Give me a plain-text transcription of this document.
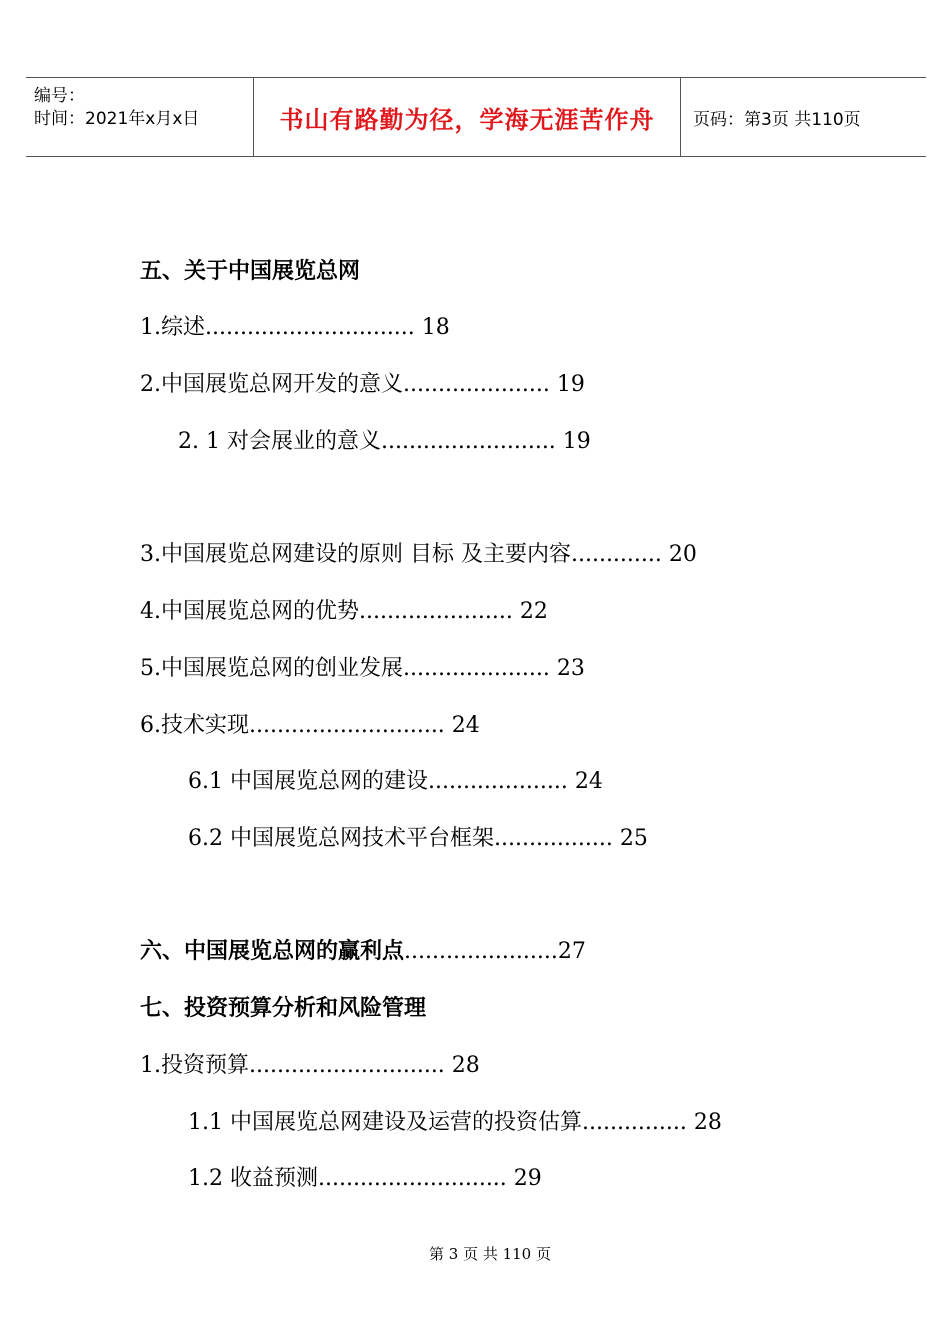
编号：
时间：2021年x月x日	书山有路勤为径，学海无涯苦作舟 页码：第3页 共110页
五、关于中国展览总网
1.综述.............................. 18
2.中国展览总网开发的意义..................... 19
2. 1 对会展业的意义......................... 19
3.中国展览总网建设的原则 目标 及主要内容............. 20
4.中国展览总网的优势...................... 22
5.中国展览总网的创业发展..................... 23
6.技术实现............................ 24
6.1 中国展览总网的建设.................... 24
6.2 中国展览总网技术平台框架................. 25
六、中国展览总网的赢利点......................27
七、投资预算分析和风险管理
1.投资预算............................ 28
1.1 中国展览总网建设及运营的投资估算............... 28
1.2 收益预测........................... 29
第 3 页 共 110 页
